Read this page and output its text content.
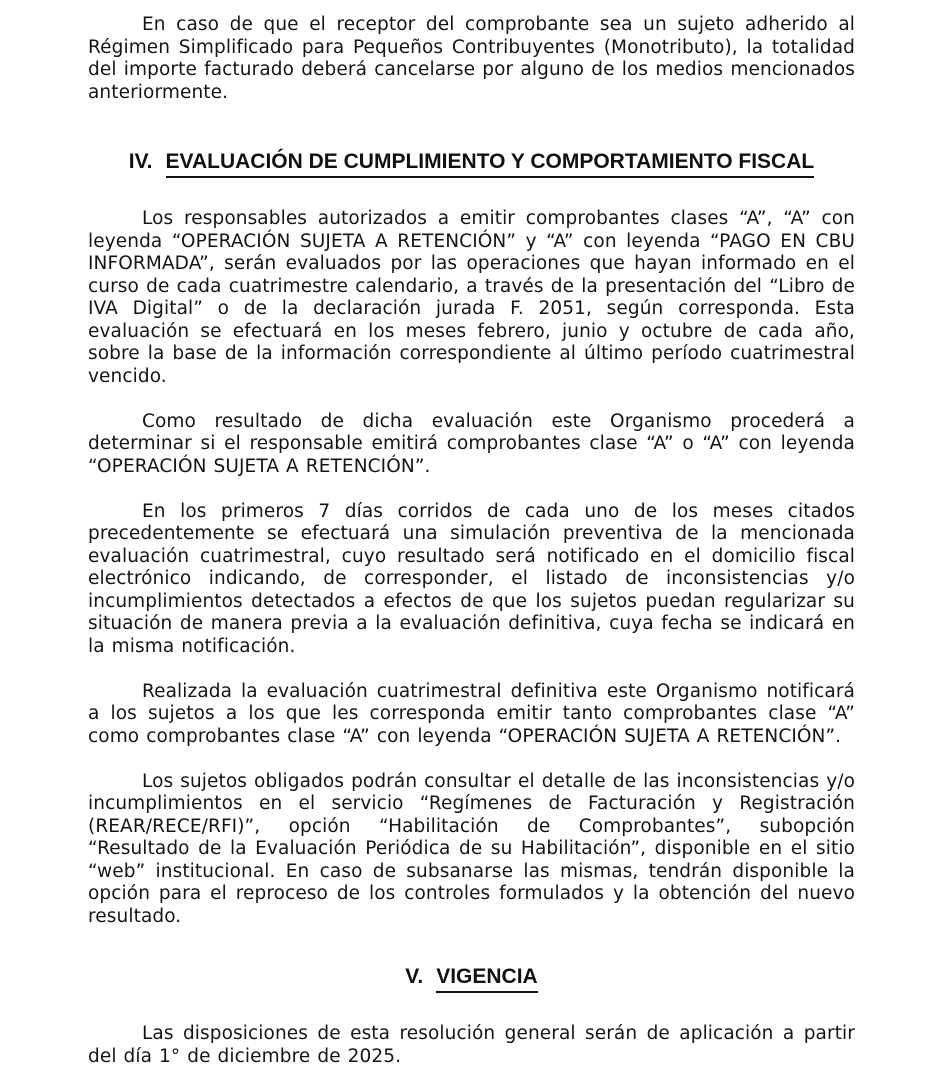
En caso de que el receptor del comprobante sea un sujeto adherido al Régimen Simplificado para Pequeños Contribuyentes (Monotributo), la totalidad del importe facturado deberá cancelarse por alguno de los medios mencionados anteriormente.

IV. EVALUACIÓN DE CUMPLIMIENTO Y COMPORTAMIENTO FISCAL

Los responsables autorizados a emitir comprobantes clases “A”, “A” con leyenda “OPERACIÓN SUJETA A RETENCIÓN” y “A” con leyenda “PAGO EN CBU INFORMADA”, serán evaluados por las operaciones que hayan informado en el curso de cada cuatrimestre calendario, a través de la presentación del “Libro de IVA Digital” o de la declaración jurada F. 2051, según corresponda. Esta evaluación se efectuará en los meses febrero, junio y octubre de cada año, sobre la base de la información correspondiente al último período cuatrimestral vencido.

Como resultado de dicha evaluación este Organismo procederá a determinar si el responsable emitirá comprobantes clase “A” o “A” con leyenda “OPERACIÓN SUJETA A RETENCIÓN”.

En los primeros 7 días corridos de cada uno de los meses citados precedentemente se efectuará una simulación preventiva de la mencionada evaluación cuatrimestral, cuyo resultado será notificado en el domicilio fiscal electrónico indicando, de corresponder, el listado de inconsistencias y/o incumplimientos detectados a efectos de que los sujetos puedan regularizar su situación de manera previa a la evaluación definitiva, cuya fecha se indicará en la misma notificación.

Realizada la evaluación cuatrimestral definitiva este Organismo notificará a los sujetos a los que les corresponda emitir tanto comprobantes clase “A” como comprobantes clase “A” con leyenda “OPERACIÓN SUJETA A RETENCIÓN”.

Los sujetos obligados podrán consultar el detalle de las inconsistencias y/o incumplimientos en el servicio “Regímenes de Facturación y Registración (REAR/RECE/RFI)”, opción “Habilitación de Comprobantes”, subopción “Resultado de la Evaluación Periódica de su Habilitación”, disponible en el sitio “web” institucional. En caso de subsanarse las mismas, tendrán disponible la opción para el reproceso de los controles formulados y la obtención del nuevo resultado.

V. VIGENCIA

Las disposiciones de esta resolución general serán de aplicación a partir del día 1° de diciembre de 2025.
